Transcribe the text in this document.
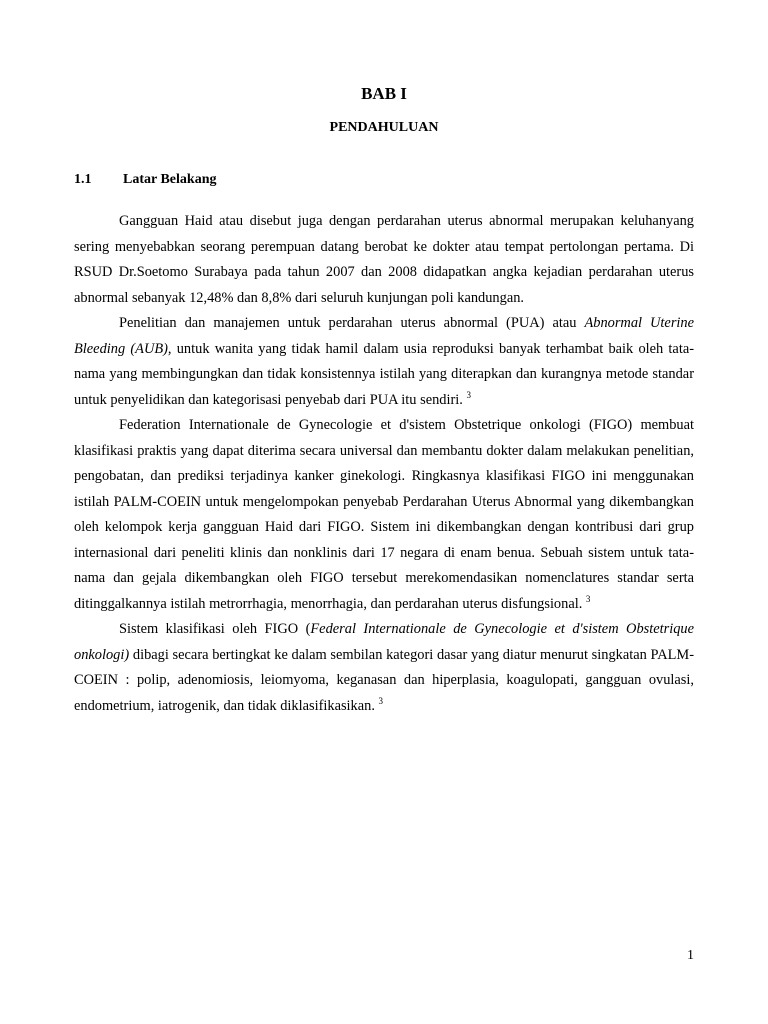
BAB I
PENDAHULUAN
1.1 Latar Belakang

Gangguan Haid atau disebut juga dengan perdarahan uterus abnormal merupakan keluhanyang sering menyebabkan seorang perempuan datang berobat ke dokter atau tempat pertolongan pertama. Di RSUD Dr.Soetomo Surabaya pada tahun 2007 dan 2008 didapatkan angka kejadian perdarahan uterus abnormal sebanyak 12,48% dan 8,8% dari seluruh kunjungan poli kandungan.

Penelitian dan manajemen untuk perdarahan uterus abnormal (PUA) atau Abnormal Uterine Bleeding (AUB), untuk wanita yang tidak hamil dalam usia reproduksi banyak terhambat baik oleh tata-nama yang membingungkan dan tidak konsistennya istilah yang diterapkan dan kurangnya metode standar untuk penyelidikan dan kategorisasi penyebab dari PUA itu sendiri. $^3$

Federation Internationale de Gynecologie et d'sistem Obstetrique onkologi (FIGO) membuat klasifikasi praktis yang dapat diterima secara universal dan membantu dokter dalam melakukan penelitian, pengobatan, dan prediksi terjadinya kanker ginekologi. Ringkasnya klasifikasi FIGO ini menggunakan istilah PALM-COEIN untuk mengelompokan penyebab Perdarahan Uterus Abnormal yang dikembangkan oleh kelompok kerja gangguan Haid dari FIGO. Sistem ini dikembangkan dengan kontribusi dari grup internasional dari peneliti klinis dan nonklinis dari 17 negara di enam benua. Sebuah sistem untuk tata-nama dan gejala dikembangkan oleh FIGO tersebut merekomendasikan nomenclatures standar serta ditinggalkannya istilah metrorrhagia, menorrhagia, dan perdarahan uterus disfungsional. $^3$

Sistem klasifikasi oleh FIGO (Federal Internationale de Gynecologie et d'sistem Obstetrique onkologi) dibagi secara bertingkat ke dalam sembilan kategori dasar yang diatur menurut singkatan PALM-COEIN : polip, adenomiosis, leiomyoma, keganasan dan hiperplasia, koagulopati, gangguan ovulasi, endometrium, iatrogenik, dan tidak diklasifikasikan. $^3$

1
